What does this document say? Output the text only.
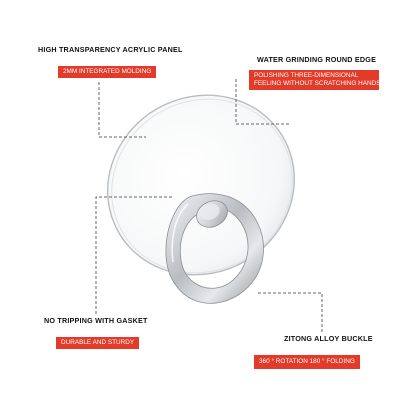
HIGH TRANSPARENCY ACRYLIC PANEL
2MM INTEGRATED MOLDING
WATER GRINDING ROUND EDGE
POLISHING THREE-DIMENSIONAL
FEELING WITHOUT SCRATCHING HANDS
NO TRIPPING WITH GASKET
DURABLE AND STURDY	ZITONG ALLOY BUCKLE
360 ° ROTATION 180 ° FOLDING
